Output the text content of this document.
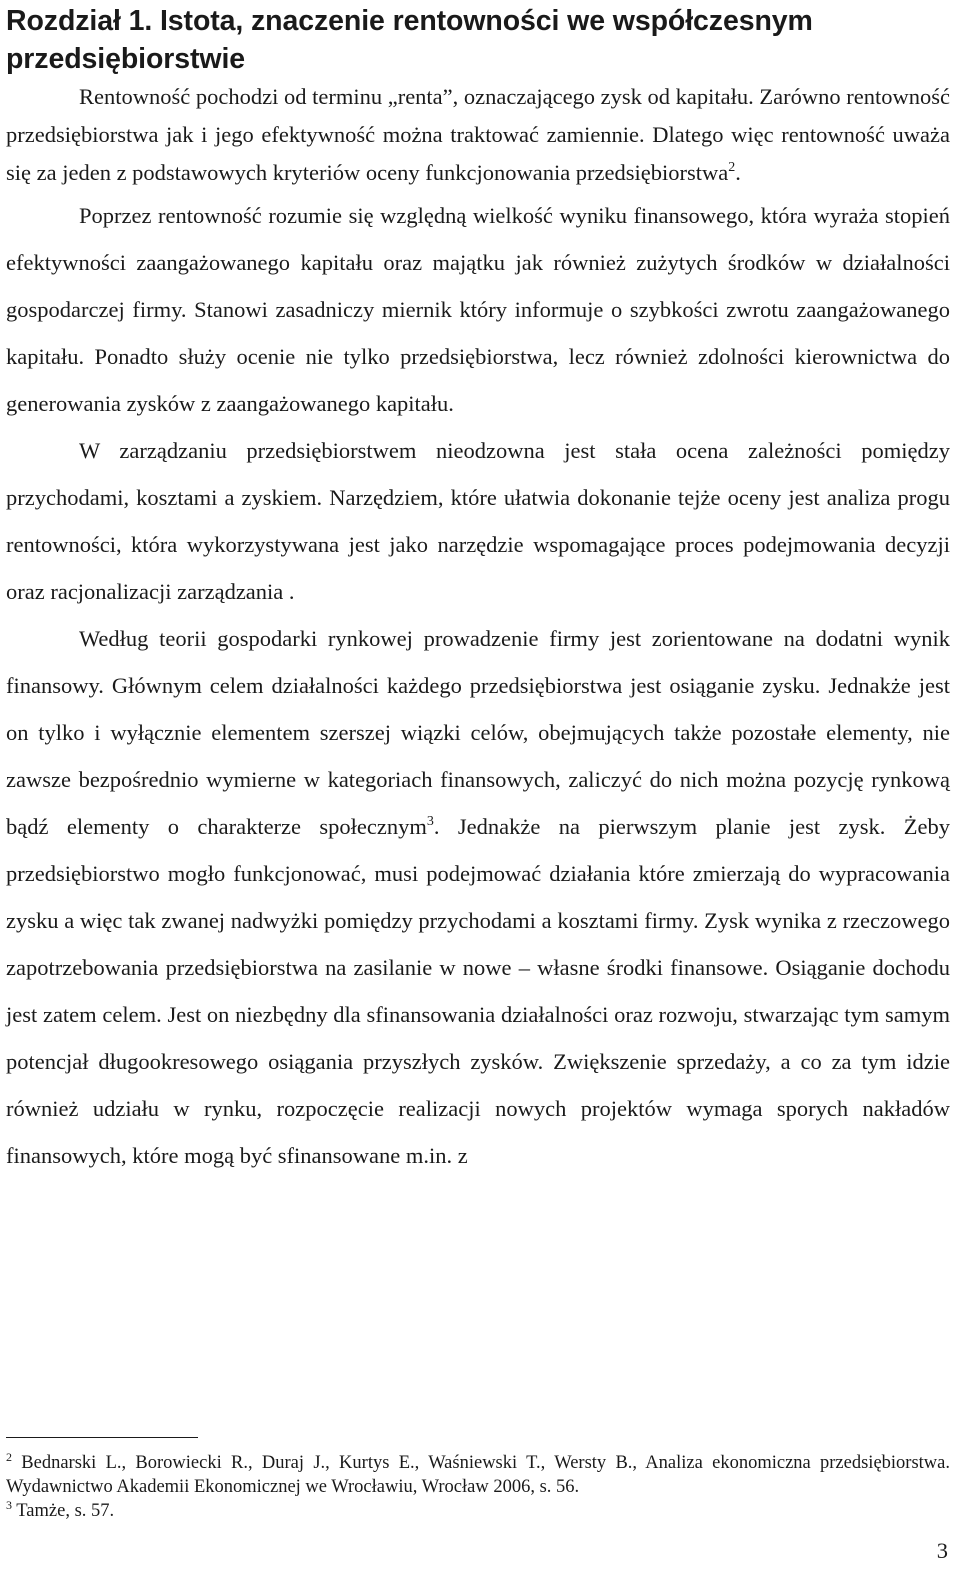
Rozdział 1. Istota, znaczenie rentowności we współczesnym przedsiębiorstwie

Rentowność pochodzi od terminu „renta”, oznaczającego zysk od kapitału. Zarówno rentowność przedsiębiorstwa jak i jego efektywność można traktować zamiennie. Dlatego więc rentowność uważa się za jeden z podstawowych kryteriów oceny funkcjonowania przedsiębiorstwa$^2$.

Poprzez rentowność rozumie się względną wielkość wyniku finansowego, która wyraża stopień efektywności zaangażowanego kapitału oraz majątku jak również zużytych środków w działalności gospodarczej firmy. Stanowi zasadniczy miernik który informuje o szybkości zwrotu zaangażowanego kapitału. Ponadto służy ocenie nie tylko przedsiębiorstwa, lecz również zdolności kierownictwa do generowania zysków z zaangażowanego kapitału.

W zarządzaniu przedsiębiorstwem nieodzowna jest stała ocena zależności pomiędzy przychodami, kosztami a zyskiem. Narzędziem, które ułatwia dokonanie tejże oceny jest analiza progu rentowności, która wykorzystywana jest jako narzędzie wspomagające proces podejmowania decyzji oraz racjonalizacji zarządzania .

Według teorii gospodarki rynkowej prowadzenie firmy jest zorientowane na dodatni wynik finansowy. Głównym celem działalności każdego przedsiębiorstwa jest osiąganie zysku. Jednakże jest on tylko i wyłącznie elementem szerszej wiązki celów, obejmujących także pozostałe elementy, nie zawsze bezpośrednio wymierne w kategoriach finansowych, zaliczyć do nich można pozycję rynkową bądź elementy o charakterze społecznym$^3$. Jednakże na pierwszym planie jest zysk. Żeby przedsiębiorstwo mogło funkcjonować, musi podejmować działania które zmierzają do wypracowania zysku a więc tak zwanej nadwyżki pomiędzy przychodami a kosztami firmy. Zysk wynika z rzeczowego zapotrzebowania przedsiębiorstwa na zasilanie w nowe – własne środki finansowe. Osiąganie dochodu jest zatem celem. Jest on niezbędny dla sfinansowania działalności oraz rozwoju, stwarzając tym samym potencjał długookresowego osiągania przyszłych zysków. Zwiększenie sprzedaży, a co za tym idzie również udziału w rynku, rozpoczęcie realizacji nowych projektów wymaga sporych nakładów finansowych, które mogą być sfinansowane m.in. z

$^2$ Bednarski L., Borowiecki R., Duraj J., Kurtys E., Waśniewski T., Wersty B., Analiza ekonomiczna przedsiębiorstwa. Wydawnictwo Akademii Ekonomicznej we Wrocławiu, Wrocław 2006, s. 56.

$^3$ Tamże, s. 57.

3
